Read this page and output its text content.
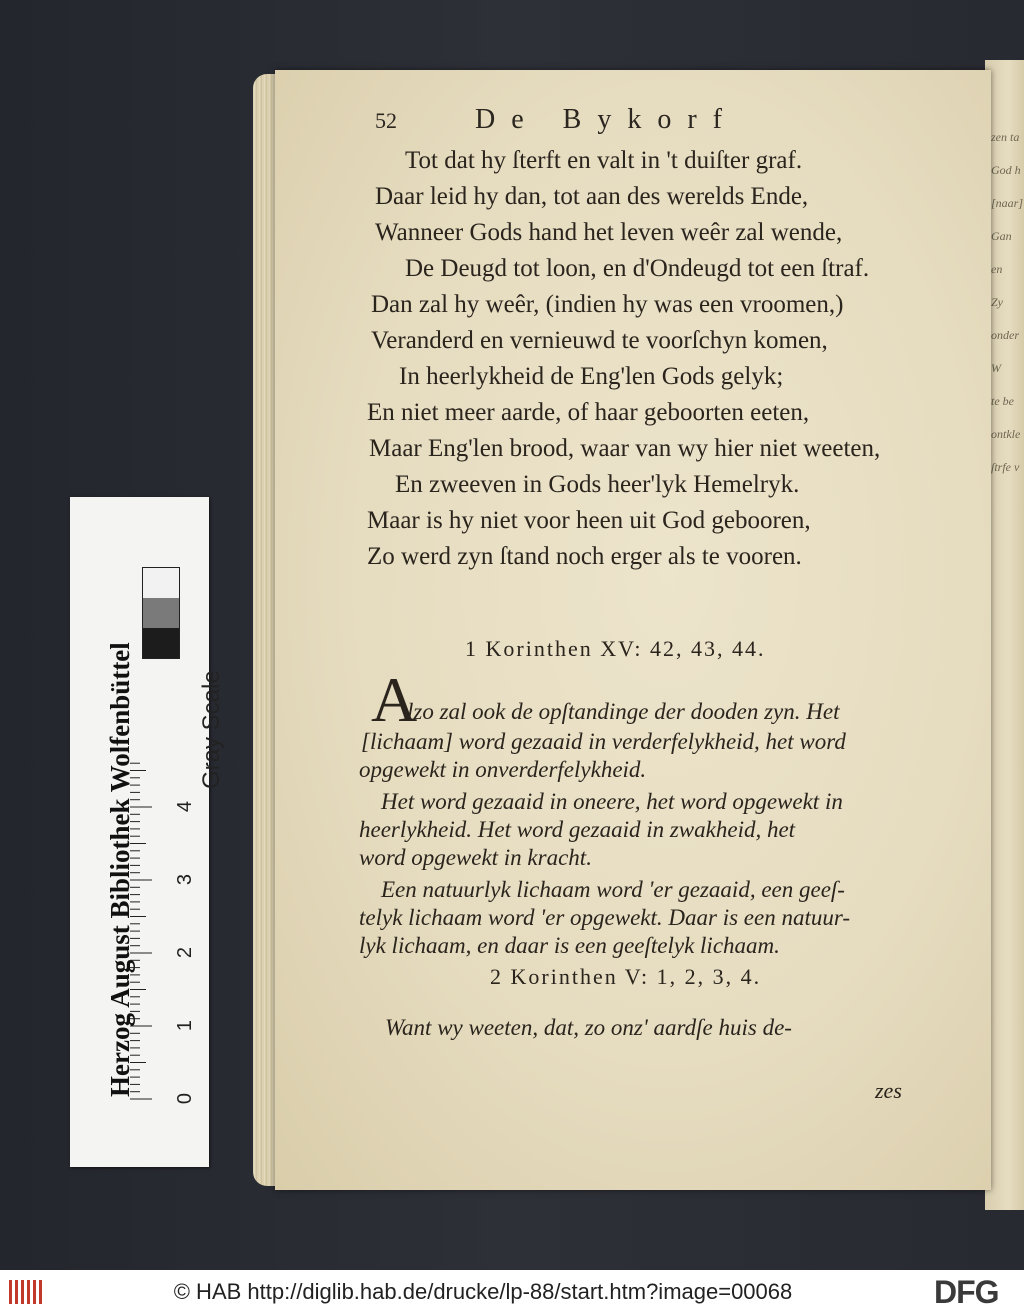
zen ta
God h
[naar]
Gan
en
Zy
onder
W
te be
ontkle
ſtrfe v
52	De Bykorf
Tot dat hy ſterft en valt in 't duiſter graf.
Daar leid hy dan, tot aan des werelds Ende,
Wanneer Gods hand het leven weêr zal wende,
De Deugd tot loon, en d'Ondeugd tot een ſtraf.
Dan zal hy weêr, (indien hy was een vroomen,)
Veranderd en vernieuwd te voorſchyn komen,
In heerlykheid de Eng'len Gods gelyk;
En niet meer aarde, of haar geboorten eeten,
Maar Eng'len brood, waar van wy hier niet weeten,
En zweeven in Gods heer'lyk Hemelryk.
Maar is hy niet voor heen uit God gebooren,
Zo werd zyn ſtand noch erger als te vooren.
1 Korinthen XV: 42, 43, 44.
A
lzo zal ook de opſtandinge der dooden zyn. Het
[lichaam] word gezaaid in verderfelykheid, het word
opgewekt in onverderfelykheid.
Het word gezaaid in oneere, het word opgewekt in
heerlykheid. Het word gezaaid in zwakheid, het
word opgewekt in kracht.
Een natuurlyk lichaam word 'er gezaaid, een geeſ-
telyk lichaam word 'er opgewekt. Daar is een natuur-
lyk lichaam, en daar is een geeſtelyk lichaam.
2 Korinthen V: 1, 2, 3, 4.
Want wy weeten, dat, zo onz' aardſe huis de-
zes
Herzog August Bibliothek Wolfenbüttel	Gray Scale
0
1
2
3
4
© HAB http://diglib.hab.de/drucke/lp-88/start.htm?image=00068	DFG
